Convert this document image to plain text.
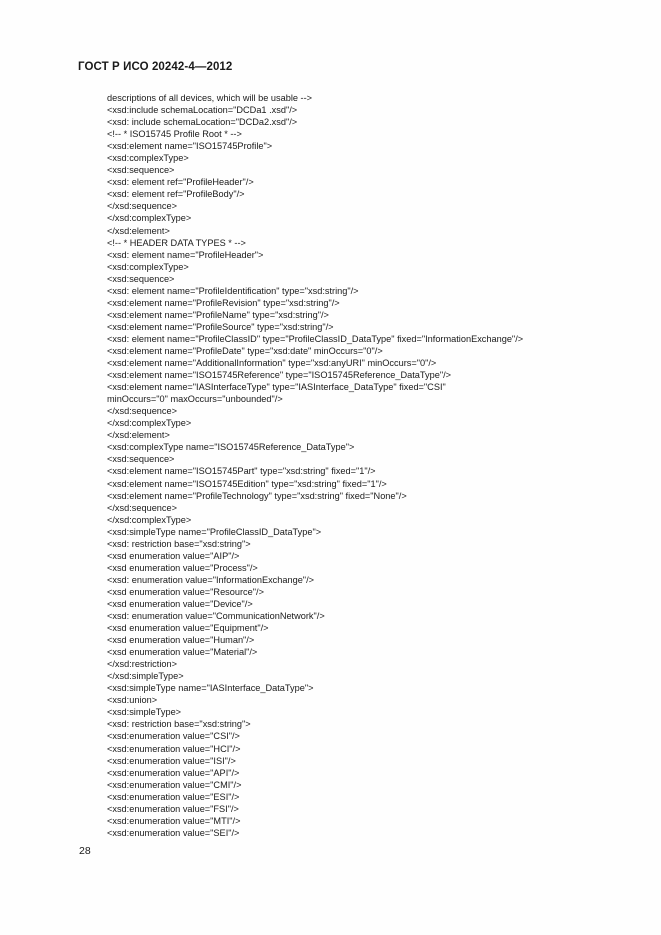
ГОСТ Р ИСО 20242-4—2012
descriptions of all devices, which will be usable -->
<xsd:include schemaLocation="DCDa1 .xsd"/>
<xsd: include schemaLocation="DCDa2.xsd"/>
<!-- * ISO15745 Profile Root * -->
<xsd:element name="ISO15745Profile">
<xsd:complexType>
<xsd:sequence>
<xsd: element ref="ProfileHeader"/>
<xsd: element ref="ProfileBody"/>
</xsd:sequence>
</xsd:complexType>
</xsd:element>
<!-- * HEADER DATA TYPES * -->
<xsd: element name="ProfileHeader">
<xsd:complexType>
<xsd:sequence>
<xsd: element name="ProfileIdentification" type="xsd:string"/>
<xsd:element name="ProfileRevision" type="xsd:string"/>
<xsd:element name="ProfileName" type="xsd:string"/>
<xsd:element name="ProfileSource" type="xsd:string"/>
<xsd: element name="ProfileClassID" type="ProfileClassID_DataType" fixed="InformationExchange"/>
<xsd:element name="ProfileDate" type="xsd:date" minOccurs="0"/>
<xsd:element name="AdditionalInformation" type="xsd:anyURI" minOccurs="0"/>
<xsd:element name="ISO15745Reference" type="ISO15745Reference_DataType"/>
<xsd:element name="IASInterfaceType" type="IASInterface_DataType" fixed="CSI"
minOccurs="0" maxOccurs="unbounded"/>
</xsd:sequence>
</xsd:complexType>
</xsd:element>
<xsd:complexType name="ISO15745Reference_DataType">
<xsd:sequence>
<xsd:element name="ISO15745Part" type="xsd:string" fixed="1"/>
<xsd:element name="ISO15745Edition" type="xsd:string" fixed="1"/>
<xsd:element name="ProfileTechnology" type="xsd:string" fixed="None"/>
</xsd:sequence>
</xsd:complexType>
<xsd:simpleType name="ProfileClassID_DataType">
<xsd: restriction base="xsd:string">
<xsd enumeration value="AIP"/>
<xsd enumeration value="Process"/>
<xsd: enumeration value="InformationExchange"/>
<xsd enumeration value="Resource"/>
<xsd enumeration value="Device"/>
<xsd: enumeration value="CommunicationNetwork"/>
<xsd enumeration value="Equipment"/>
<xsd enumeration value="Human"/>
<xsd enumeration value="Material"/>
</xsd:restriction>
</xsd:simpleType>
<xsd:simpleType name="IASInterface_DataType">
<xsd:union>
<xsd:simpleType>
<xsd: restriction base="xsd:string">
<xsd:enumeration value="CSI"/>
<xsd:enumeration value="HCI"/>
<xsd:enumeration value="ISI"/>
<xsd:enumeration value="API"/>
<xsd:enumeration value="CMI"/>
<xsd:enumeration value="ESI"/>
<xsd:enumeration value="FSI"/>
<xsd:enumeration value="MTI"/>
<xsd:enumeration value="SEI"/>
28
